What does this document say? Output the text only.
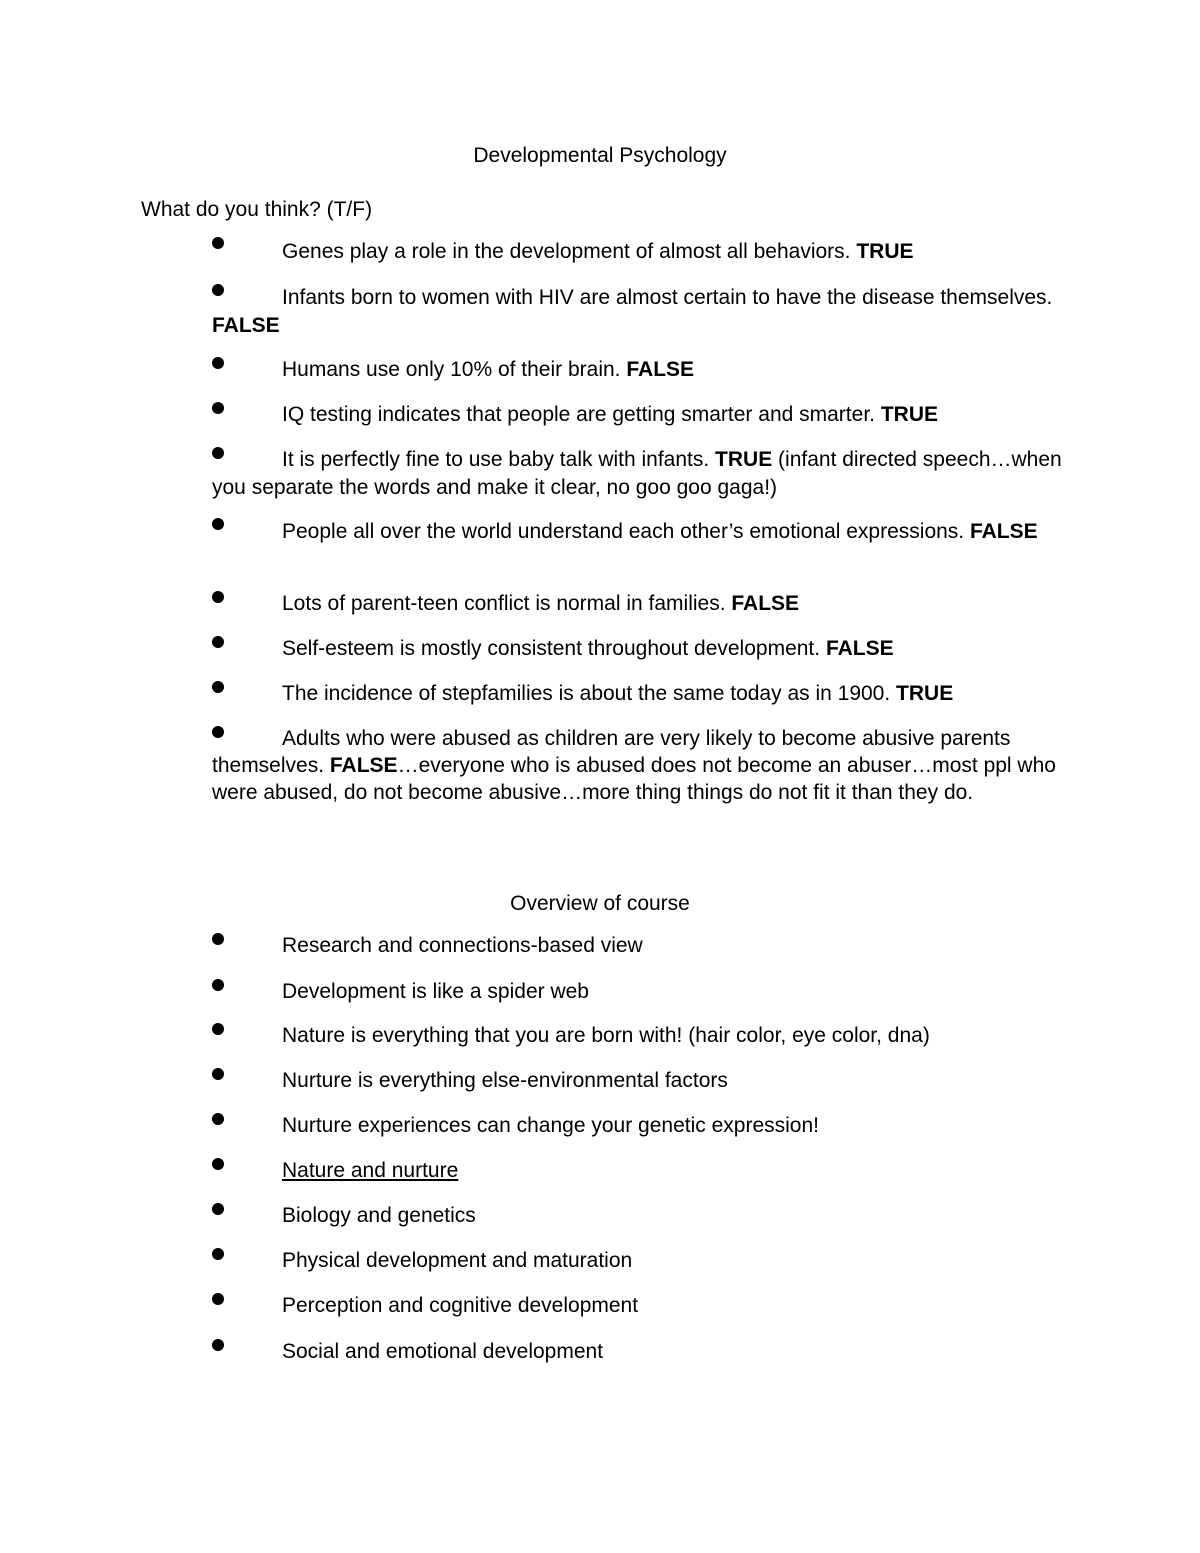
Developmental Psychology
What do you think? (T/F)
Genes play a role in the development of almost all behaviors. TRUE
Infants born to women with HIV are almost certain to have the disease themselves. FALSE
Humans use only 10% of their brain. FALSE
IQ testing indicates that people are getting smarter and smarter. TRUE
It is perfectly fine to use baby talk with infants. TRUE (infant directed speech…when you separate the words and make it clear, no goo goo gaga!)
People all over the world understand each other’s emotional expressions. FALSE
Lots of parent-teen conflict is normal in families. FALSE
Self-esteem is mostly consistent throughout development. FALSE
The incidence of stepfamilies is about the same today as in 1900. TRUE
Adults who were abused as children are very likely to become abusive parents themselves. FALSE…everyone who is abused does not become an abuser…most ppl who were abused, do not become abusive…more thing things do not fit it than they do.
Overview of course
Research and connections-based view
Development is like a spider web
Nature is everything that you are born with! (hair color, eye color, dna)
Nurture is everything else-environmental factors
Nurture experiences can change your genetic expression!
Nature and nurture
Biology and genetics
Physical development and maturation
Perception and cognitive development
Social and emotional development
